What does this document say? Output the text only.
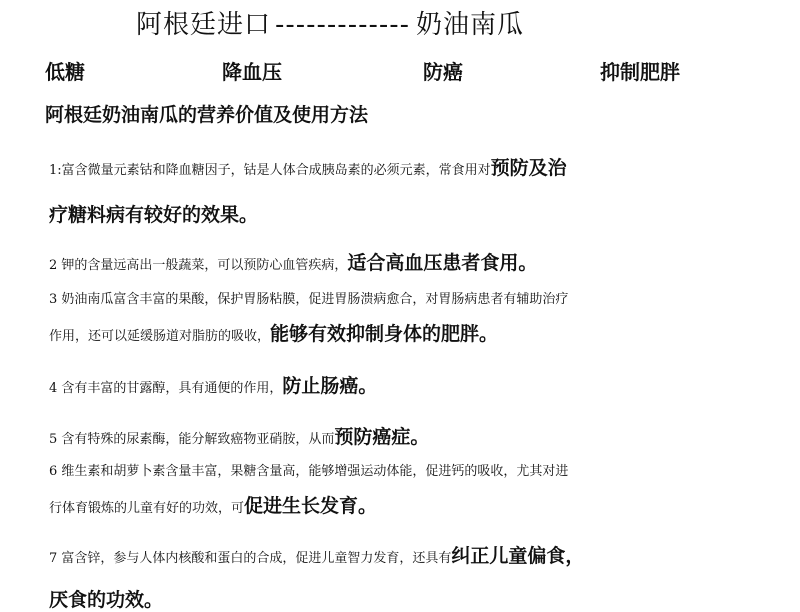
阿根廷进口 ------------- 奶油南瓜
低糖	降血压	防癌	抑制肥胖
阿根廷奶油南瓜的营养价值及使用方法
1:富含微量元素钴和降血糖因子，钴是人体合成胰岛素的必须元素，常食用对预防及治
疗糖料病有较好的效果。
2 钾的含量远高出一般蔬菜，可以预防心血管疾病，适合高血压患者食用。
3 奶油南瓜富含丰富的果酸，保护胃肠粘膜，促进胃肠溃病愈合，对胃肠病患者有辅助治疗
作用，还可以延缓肠道对脂肪的吸收，能够有效抑制身体的肥胖。
4 含有丰富的甘露醇，具有通便的作用，防止肠癌。
5 含有特殊的尿素酶，能分解致癌物亚硝胺，从而预防癌症。
6 维生素和胡萝卜素含量丰富，果糖含量高，能够增强运动体能，促进钙的吸收，尤其对进
行体育锻炼的儿童有好的功效，可促进生长发育。
7 富含锌，参与人体内核酸和蛋白的合成，促进儿童智力发育，还具有纠正儿童偏食，
厌食的功效。
